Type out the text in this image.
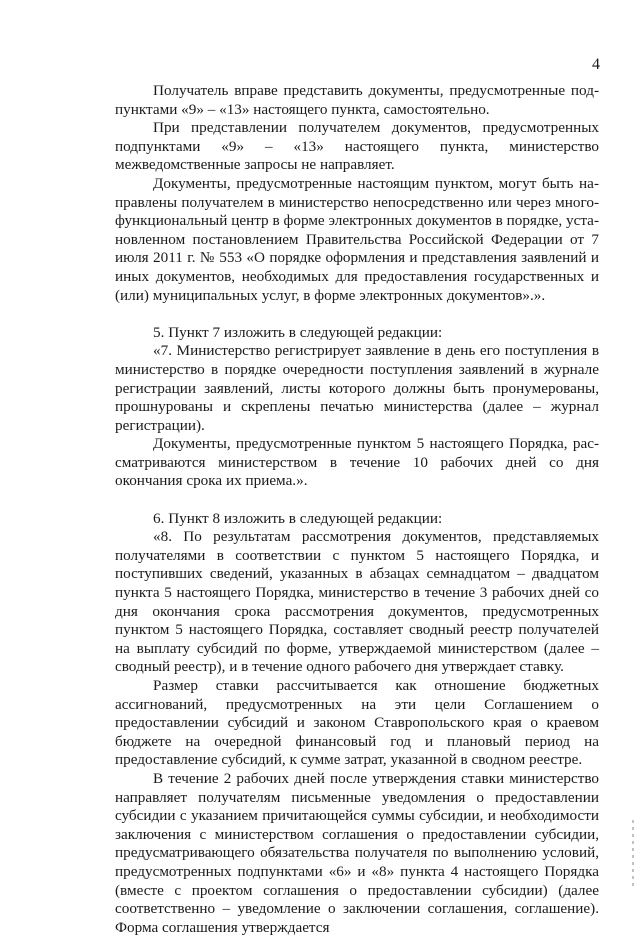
4

Получатель вправе представить документы, предусмотренные подпунктами «9» – «13» настоящего пункта, самостоятельно.

При представлении получателем документов, предусмотренных подпунктами «9» – «13» настоящего пункта, министерство межведомственные запросы не направляет.

Документы, предусмотренные настоящим пунктом, могут быть направлены получателем в министерство непосредственно или через многофункциональный центр в форме электронных документов в порядке, установленном постановлением Правительства Российской Федерации от 7 июля 2011 г. № 553 «О порядке оформления и представления заявлений и иных документов, необходимых для предоставления государственных и (или) муниципальных услуг, в форме электронных документов».».

5. Пункт 7 изложить в следующей редакции:

«7. Министерство регистрирует заявление в день его поступления в министерство в порядке очередности поступления заявлений в журнале регистрации заявлений, листы которого должны быть пронумерованы, прошнурованы и скреплены печатью министерства (далее – журнал регистрации).

Документы, предусмотренные пунктом 5 настоящего Порядка, рассматриваются министерством в течение 10 рабочих дней со дня окончания срока их приема.».

6. Пункт 8 изложить в следующей редакции:

«8. По результатам рассмотрения документов, представляемых получателями в соответствии с пунктом 5 настоящего Порядка, и поступивших сведений, указанных в абзацах семнадцатом – двадцатом пункта 5 настоящего Порядка, министерство в течение 3 рабочих дней со дня окончания срока рассмотрения документов, предусмотренных пунктом 5 настоящего Порядка, составляет сводный реестр получателей на выплату субсидий по форме, утверждаемой министерством (далее – сводный реестр), и в течение одного рабочего дня утверждает ставку.

Размер ставки рассчитывается как отношение бюджетных ассигнований, предусмотренных на эти цели Соглашением о предоставлении субсидий и законом Ставропольского края о краевом бюджете на очередной финансовый год и плановый период на предоставление субсидий, к сумме затрат, указанной в сводном реестре.

В течение 2 рабочих дней после утверждения ставки министерство направляет получателям письменные уведомления о предоставлении субсидии с указанием причитающейся суммы субсидии, и необходимости заключения с министерством соглашения о предоставлении субсидии, предусматривающего обязательства получателя по выполнению условий, предусмотренных подпунктами «6» и «8» пункта 4 настоящего Порядка (вместе с проектом соглашения о предоставлении субсидии) (далее соответственно – уведомление о заключении соглашения, соглашение). Форма соглашения утверждается
